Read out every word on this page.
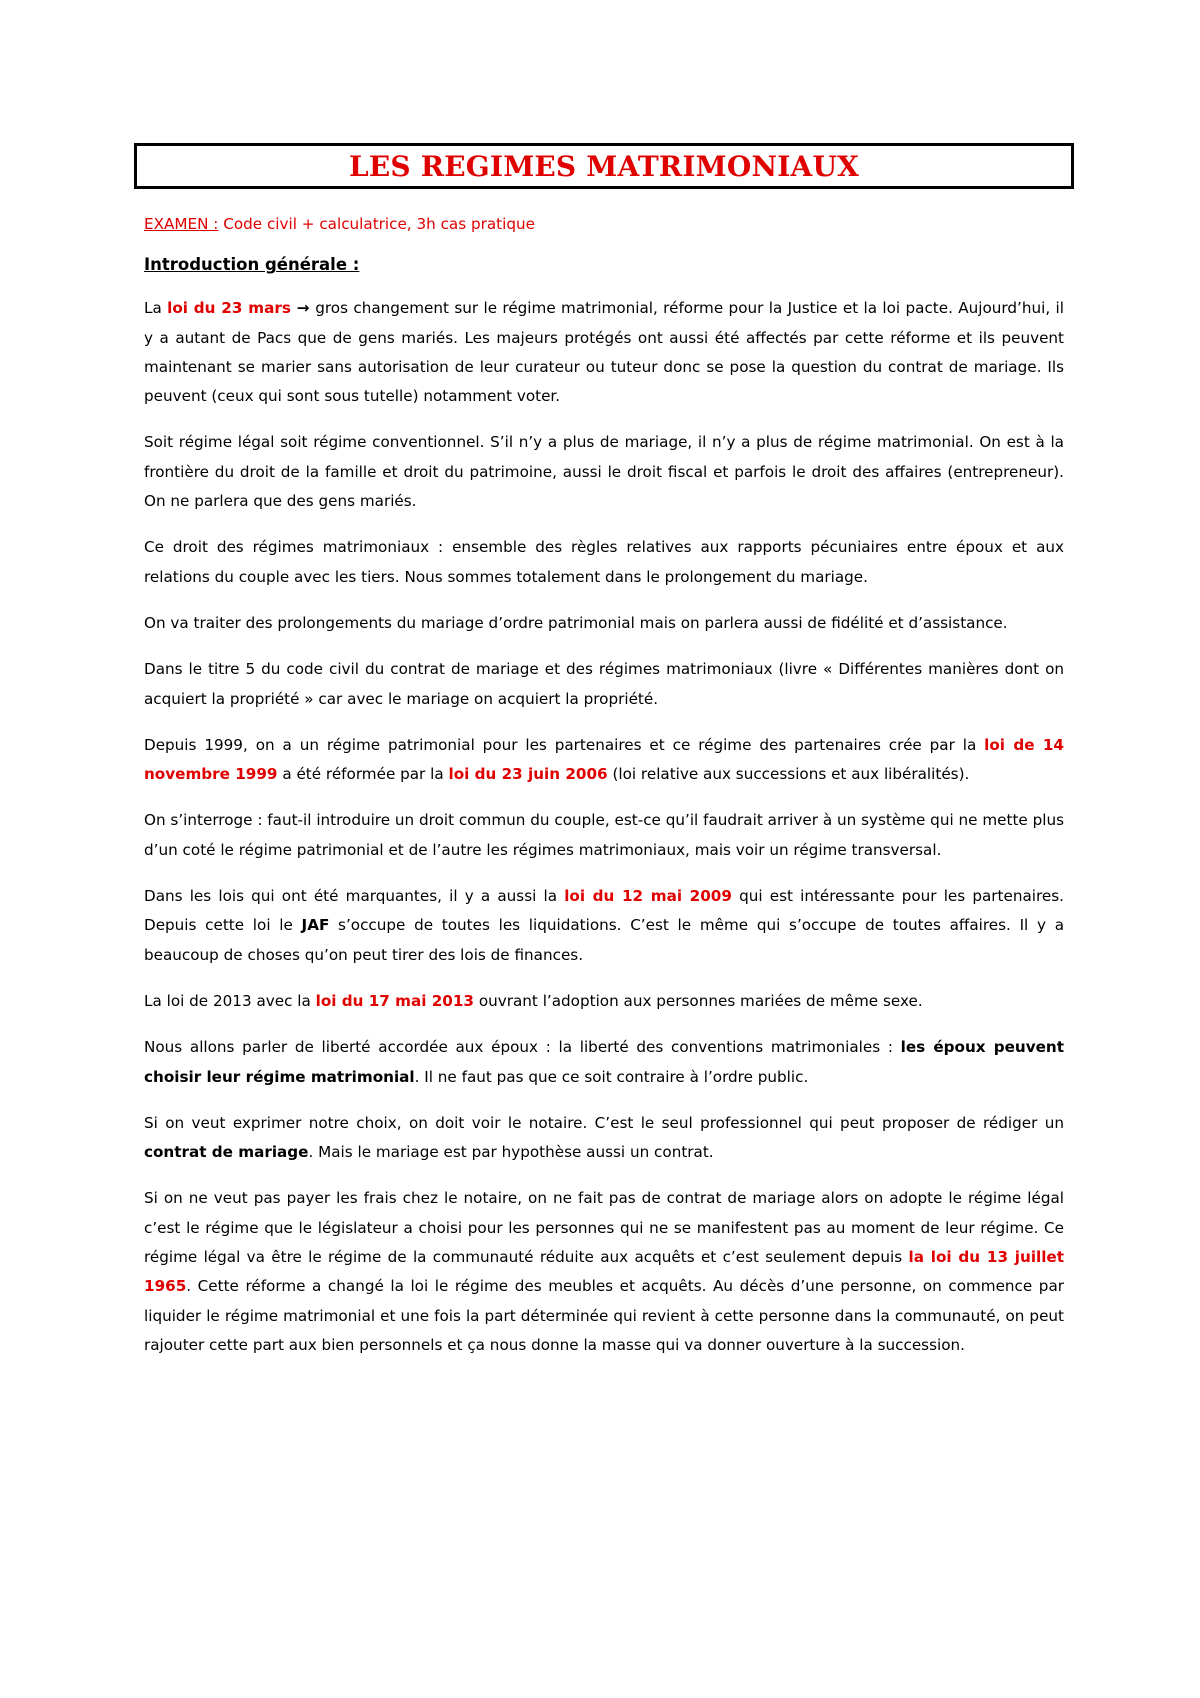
LES REGIMES MATRIMONIAUX

EXAMEN : Code civil + calculatrice, 3h cas pratique

Introduction générale :

La loi du 23 mars → gros changement sur le régime matrimonial, réforme pour la Justice et la loi pacte. Aujourd’hui, il y a autant de Pacs que de gens mariés. Les majeurs protégés ont aussi été affectés par cette réforme et ils peuvent maintenant se marier sans autorisation de leur curateur ou tuteur donc se pose la question du contrat de mariage. Ils peuvent (ceux qui sont sous tutelle) notamment voter.

Soit régime légal soit régime conventionnel. S’il n’y a plus de mariage, il n’y a plus de régime matrimonial. On est à la frontière du droit de la famille et droit du patrimoine, aussi le droit fiscal et parfois le droit des affaires (entrepreneur). On ne parlera que des gens mariés.

Ce droit des régimes matrimoniaux : ensemble des règles relatives aux rapports pécuniaires entre époux et aux relations du couple avec les tiers. Nous sommes totalement dans le prolongement du mariage.

On va traiter des prolongements du mariage d’ordre patrimonial mais on parlera aussi de fidélité et d’assistance.

Dans le titre 5 du code civil du contrat de mariage et des régimes matrimoniaux (livre « Différentes manières dont on acquiert la propriété » car avec le mariage on acquiert la propriété.

Depuis 1999, on a un régime patrimonial pour les partenaires et ce régime des partenaires crée par la loi de 14 novembre 1999 a été réformée par la loi du 23 juin 2006 (loi relative aux successions et aux libéralités).

On s’interroge : faut-il introduire un droit commun du couple, est-ce qu’il faudrait arriver à un système qui ne mette plus d’un coté le régime patrimonial et de l’autre les régimes matrimoniaux, mais voir un régime transversal.

Dans les lois qui ont été marquantes, il y a aussi la loi du 12 mai 2009 qui est intéressante pour les partenaires. Depuis cette loi le JAF s’occupe de toutes les liquidations. C’est le même qui s’occupe de toutes affaires. Il y a beaucoup de choses qu’on peut tirer des lois de finances.

La loi de 2013 avec la loi du 17 mai 2013 ouvrant l’adoption aux personnes mariées de même sexe.

Nous allons parler de liberté accordée aux époux : la liberté des conventions matrimoniales : les époux peuvent choisir leur régime matrimonial. Il ne faut pas que ce soit contraire à l’ordre public.

Si on veut exprimer notre choix, on doit voir le notaire. C’est le seul professionnel qui peut proposer de rédiger un contrat de mariage. Mais le mariage est par hypothèse aussi un contrat.

Si on ne veut pas payer les frais chez le notaire, on ne fait pas de contrat de mariage alors on adopte le régime légal c’est le régime que le législateur a choisi pour les personnes qui ne se manifestent pas au moment de leur régime. Ce régime légal va être le régime de la communauté réduite aux acquêts et c’est seulement depuis la loi du 13 juillet 1965. Cette réforme a changé la loi le régime des meubles et acquêts. Au décès d’une personne, on commence par liquider le régime matrimonial et une fois la part déterminée qui revient à cette personne dans la communauté, on peut rajouter cette part aux bien personnels et ça nous donne la masse qui va donner ouverture à la succession.
